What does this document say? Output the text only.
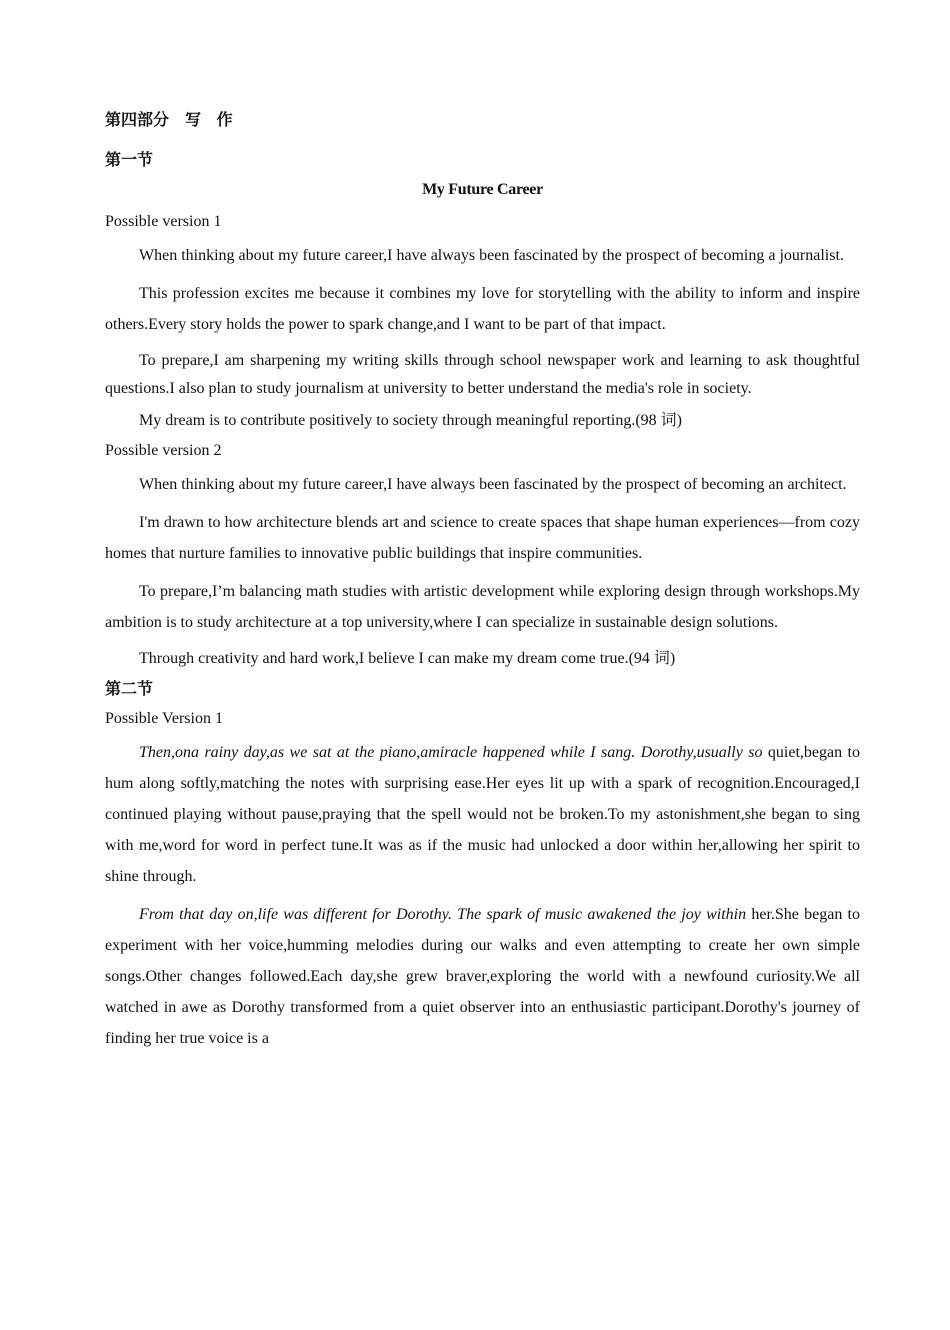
第四部分　写 作
第一节
My Future Career
Possible version 1

When thinking about my future career,I have always been fascinated by the prospect of becoming a journalist.

This profession excites me because it combines my love for storytelling with the ability to inform and inspire others.Every story holds the power to spark change,and I want to be part of that impact.

To prepare,I am sharpening my writing skills through school newspaper work and learning to ask thoughtful questions.I also plan to study journalism at university to better understand the media's role in society.

My dream is to contribute positively to society through meaningful reporting.(98 词)

Possible version 2

When thinking about my future career,I have always been fascinated by the prospect of becoming an architect.

I'm drawn to how architecture blends art and science to create spaces that shape human experiences—from cozy homes that nurture families to innovative public buildings that inspire communities.

To prepare,I’m balancing math studies with artistic development while exploring design through workshops.My ambition is to study architecture at a top university,where I can specialize in sustainable design solutions.

Through creativity and hard work,I believe I can make my dream come true.(94 词)

第二节
Possible Version 1

Then,ona rainy day,as we sat at the piano,amiracle happened while I sang. Dorothy,usually so quiet,began to hum along softly,matching the notes with surprising ease.Her eyes lit up with a spark of recognition.Encouraged,I continued playing without pause,praying that the spell would not be broken.To my astonishment,she began to sing with me,word for word in perfect tune.It was as if the music had unlocked a door within her,allowing her spirit to shine through.

From that day on,life was different for Dorothy. The spark of music awakened the joy within her.She began to experiment with her voice,humming melodies during our walks and even attempting to create her own simple songs.Other changes followed.Each day,she grew braver,exploring the world with a newfound curiosity.We all watched in awe as Dorothy transformed from a quiet observer into an enthusiastic participant.Dorothy's journey of finding her true voice is a
